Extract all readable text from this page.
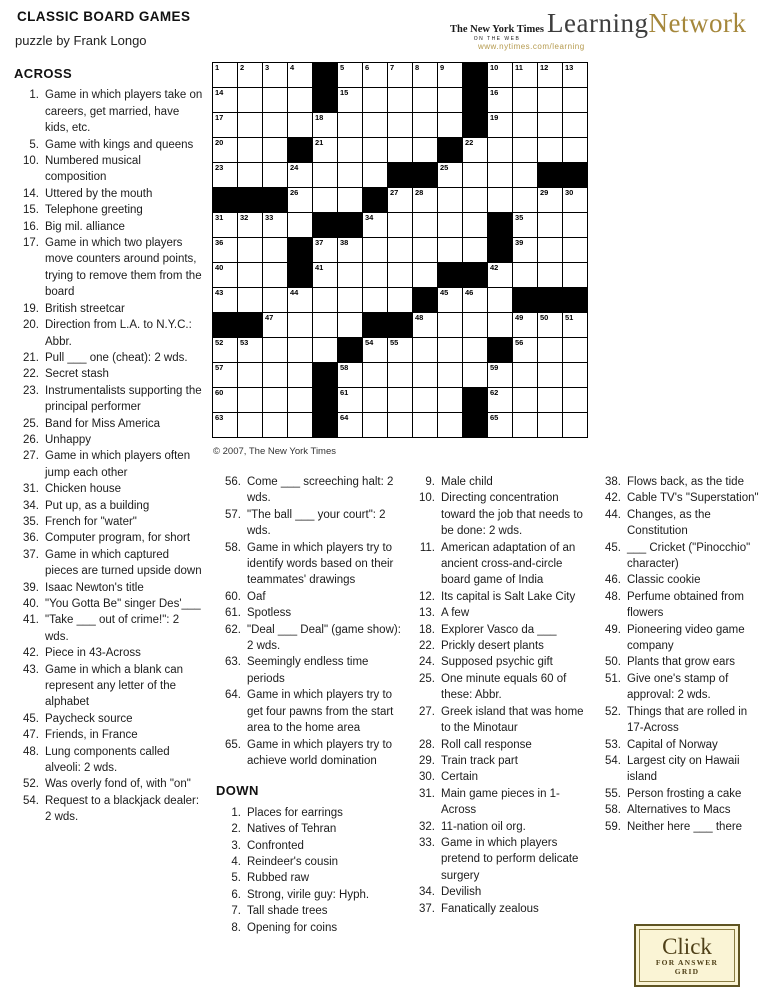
CLASSIC BOARD GAMES
puzzle by Frank Longo
The New York Times
ON THE WEB
Learning Network
www.nytimes.com/learning
1	2	3	4		5	6	7	8	9		10	11	12	13

14					15						16			

17				18							19			

20				21						22				

23			24						25					

			26				27	28					29	30

31	32	33				34						35		

36				37	38							39		

40				41							42			

43			44						45	46				

		47						48				49	50	51

52	53					54	55					56		

57					58						59			

60					61						62			

63					64						65			

© 2007, The New York Times
ACROSS
1. Game in which players take on careers, get married, have kids, etc.
5. Game with kings and queens
10. Numbered musical composition
14. Uttered by the mouth
15. Telephone greeting
16. Big mil. alliance
17. Game in which two players move counters around points, trying to remove them from the board
19. British streetcar
20. Direction from L.A. to N.Y.C.: Abbr.
21. Pull ___ one (cheat): 2 wds.
22. Secret stash
23. Instrumentalists supporting the principal performer
25. Band for Miss America
26. Unhappy
27. Game in which players often jump each other
31. Chicken house
34. Put up, as a building
35. French for "water"
36. Computer program, for short
37. Game in which captured pieces are turned upside down
39. Isaac Newton's title
40. "You Gotta Be" singer Des'___
41. "Take ___ out of crime!": 2 wds.
42. Piece in 43-Across
43. Game in which a blank can represent any letter of the alphabet
45. Paycheck source
47. Friends, in France
48. Lung components called alveoli: 2 wds.
52. Was overly fond of, with "on"
54. Request to a blackjack dealer: 2 wds.
56. Come ___ screeching halt: 2 wds.
57. "The ball ___ your court": 2 wds.
58. Game in which players try to identify words based on their teammates' drawings
60. Oaf
61. Spotless
62. "Deal ___ Deal" (game show): 2 wds.
63. Seemingly endless time periods
64. Game in which players try to get four pawns from the start area to the home area
65. Game in which players try to achieve world domination
DOWN
1. Places for earrings
2. Natives of Tehran
3. Confronted
4. Reindeer's cousin
5. Rubbed raw
6. Strong, virile guy: Hyph.
7. Tall shade trees
8. Opening for coins
9. Male child
10. Directing concentration toward the job that needs to be done: 2 wds.
11. American adaptation of an ancient cross-and-circle board game of India
12. Its capital is Salt Lake City
13. A few
18. Explorer Vasco da ___
22. Prickly desert plants
24. Supposed psychic gift
25. One minute equals 60 of these: Abbr.
27. Greek island that was home to the Minotaur
28. Roll call response
29. Train track part
30. Certain
31. Main game pieces in 1-Across
32. 11-nation oil org.
33. Game in which players pretend to perform delicate surgery
34. Devilish
37. Fanatically zealous
38. Flows back, as the tide
42. Cable TV's "Superstation"
44. Changes, as the Constitution
45. ___ Cricket ("Pinocchio" character)
46. Classic cookie
48. Perfume obtained from flowers
49. Pioneering video game company
50. Plants that grow ears
51. Give one's stamp of approval: 2 wds.
52. Things that are rolled in 17-Across
53. Capital of Norway
54. Largest city on Hawaii island
55. Person frosting a cake
58. Alternatives to Macs
59. Neither here ___ there
Click
FOR ANSWER
GRID
